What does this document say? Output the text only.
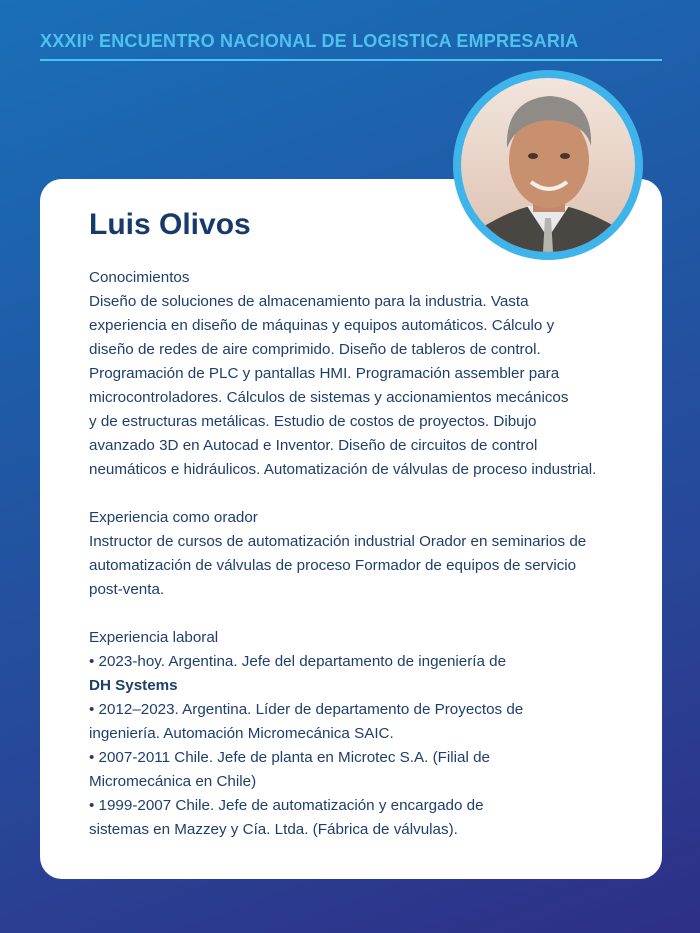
XXXIIº ENCUENTRO NACIONAL DE LOGISTICA EMPRESARIA
Luis Olivos

Conocimientos

Diseño de soluciones de almacenamiento para la industria. Vasta

experiencia en diseño de máquinas y equipos automáticos. Cálculo y

diseño de redes de aire comprimido. Diseño de tableros de control.

Programación de PLC y pantallas HMI. Programación assembler para

microcontroladores. Cálculos de sistemas y accionamientos mecánicos

y de estructuras metálicas. Estudio de costos de proyectos. Dibujo

avanzado 3D en Autocad e Inventor. Diseño de circuitos de control

neumáticos e hidráulicos. Automatización de válvulas de proceso industrial.

Experiencia como orador

Instructor de cursos de automatización industrial Orador en seminarios de

automatización de válvulas de proceso Formador de equipos de servicio

post-venta.

Experiencia laboral

• 2023-hoy. Argentina. Jefe del departamento de ingeniería de

DH Systems

• 2012–2023. Argentina. Líder de departamento de Proyectos de

ingeniería. Automación Micromecánica SAIC.

• 2007-2011 Chile. Jefe de planta en Microtec S.A. (Filial de

Micromecánica en Chile)

• 1999-2007 Chile. Jefe de automatización y encargado de

sistemas en Mazzey y Cía. Ltda. (Fábrica de válvulas).
